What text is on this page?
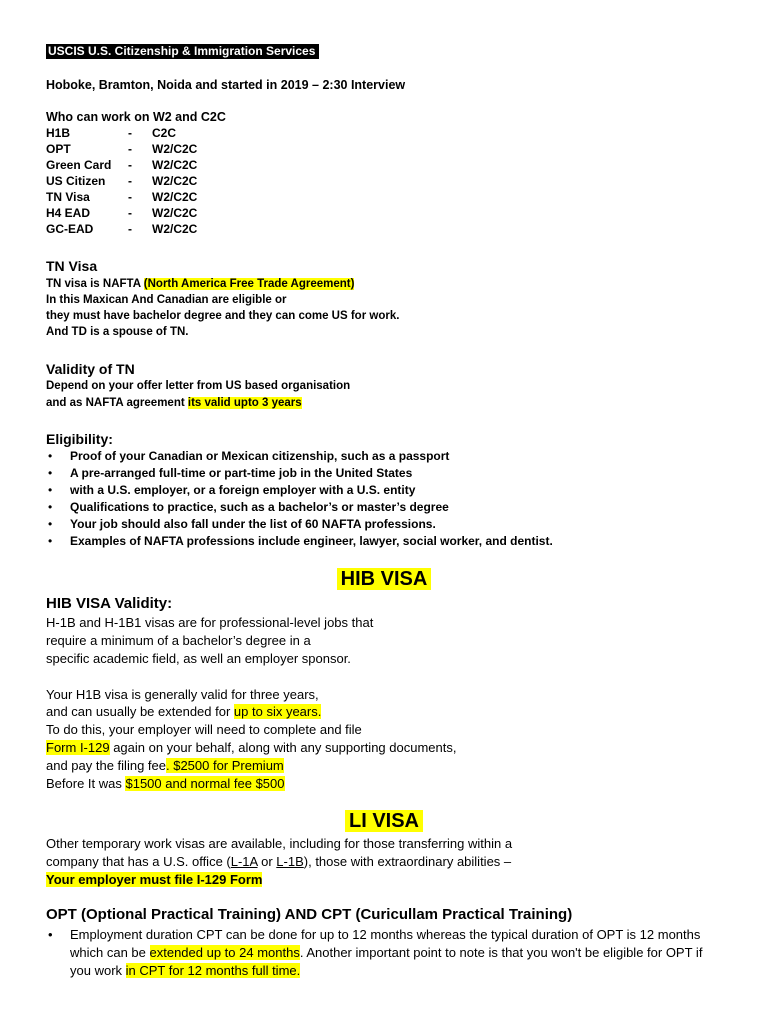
USCIS U.S. Citizenship & Immigration Services
Hoboke, Bramton, Noida and started in 2019 – 2:30 Interview
Who can work on W2 and C2C
H1B	- C2C
OPT	- W2/C2C
Green Card - W2/C2C
US Citizen - W2/C2C
TN Visa	- W2/C2C
H4 EAD	- W2/C2C
GC-EAD	- W2/C2C
TN Visa
TN visa is NAFTA (North America Free Trade Agreement)
In this Maxican And Canadian are eligible or
they must have bachelor degree and they can come US for work.
And TD is a spouse of TN.
Validity of TN
Depend on your offer letter from US based organisation
and as NAFTA agreement its valid upto 3 years
Eligibility:
• Proof of your Canadian or Mexican citizenship, such as a passport
• A pre-arranged full-time or part-time job in the United States
• with a U.S. employer, or a foreign employer with a U.S. entity
• Qualifications to practice, such as a bachelor’s or master’s degree
• Your job should also fall under the list of 60 NAFTA professions.
• Examples of NAFTA professions include engineer, lawyer, social worker, and dentist.
HIB VISA
HIB VISA Validity:
H-1B and H-1B1 visas are for professional-level jobs that
require a minimum of a bachelor’s degree in a
specific academic field, as well an employer sponsor.
Your H1B visa is generally valid for three years,
and can usually be extended for up to six years.
To do this, your employer will need to complete and file
Form I-129 again on your behalf, along with any supporting documents,
and pay the filing fee. $2500 for Premium
Before It was $1500 and normal fee $500
LI VISA
Other temporary work visas are available, including for those transferring within a
company that has a U.S. office (L-1A or L-1B), those with extraordinary abilities –
Your employer must file I-129 Form
OPT (Optional Practical Training) AND CPT (Curicullam Practical Training)
• Employment duration CPT can be done for up to 12 months whereas the typical duration of OPT is 12 months which can be extended up to 24 months. Another important point to note is that you won't be eligible for OPT if you work in CPT for 12 months full time.
